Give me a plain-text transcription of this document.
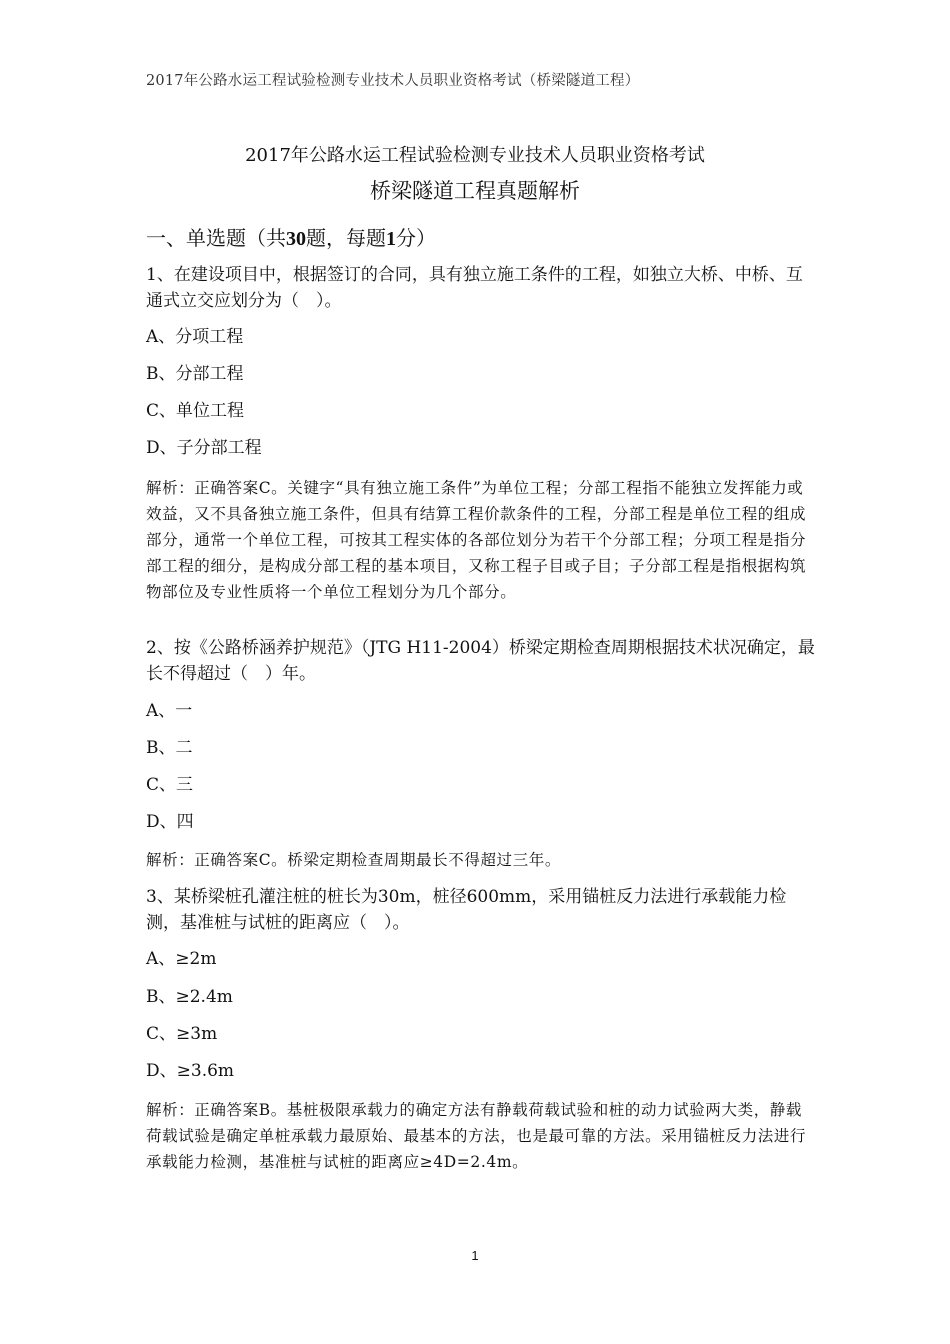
2017年公路水运工程试验检测专业技术人员职业资格考试（桥梁隧道工程）
2017年公路水运工程试验检测专业技术人员职业资格考试
桥梁隧道工程真题解析
一、单选题（共30题，每题1分）

1、在建设项目中，根据签订的合同，具有独立施工条件的工程，如独立大桥、中桥、互通式立交应划分为（　）。

A、分项工程

B、分部工程

C、单位工程

D、子分部工程

解析：正确答案C。关键字“具有独立施工条件”为单位工程；分部工程指不能独立发挥能力或效益，又不具备独立施工条件，但具有结算工程价款条件的工程，分部工程是单位工程的组成部分，通常一个单位工程，可按其工程实体的各部位划分为若干个分部工程；分项工程是指分部工程的细分，是构成分部工程的基本项目，又称工程子目或子目；子分部工程是指根据构筑物部位及专业性质将一个单位工程划分为几个部分。

2、按《公路桥涵养护规范》（JTG H11-2004）桥梁定期检查周期根据技术状况确定，最长不得超过（　）年。

A、一

B、二

C、三

D、四

解析：正确答案C。桥梁定期检查周期最长不得超过三年。

3、某桥梁桩孔灌注桩的桩长为30m，桩径600mm，采用锚桩反力法进行承载能力检测，基准桩与试桩的距离应（　）。

A、≥2m

B、≥2.4m

C、≥3m

D、≥3.6m

解析：正确答案B。基桩极限承载力的确定方法有静载荷载试验和桩的动力试验两大类，静载荷载试验是确定单桩承载力最原始、最基本的方法，也是最可靠的方法。采用锚桩反力法进行承载能力检测，基准桩与试桩的距离应≥4D=2.4m。

1
